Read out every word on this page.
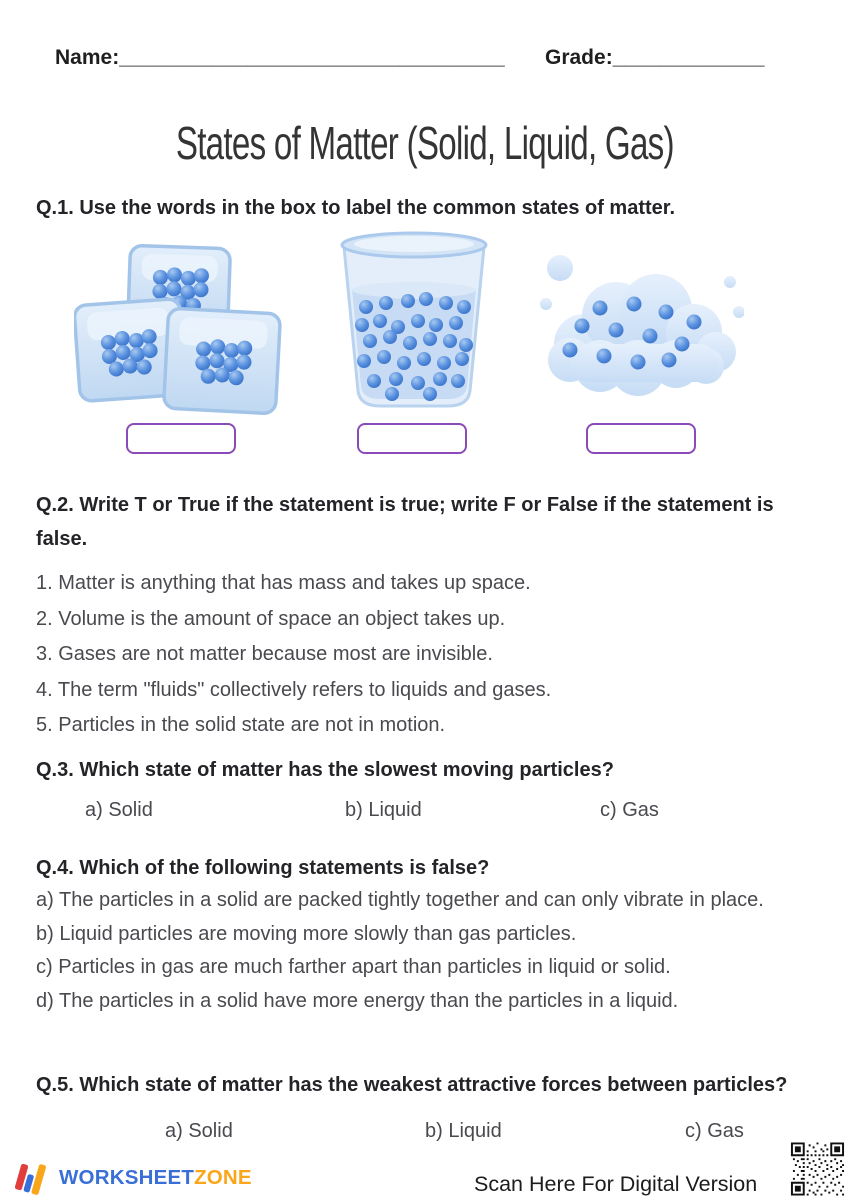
Name:_________________________________ Grade:_____________
States of Matter (Solid, Liquid, Gas)
Q.1. Use the words in the box to label the common states of matter.
Q.2. Write T or True if the statement is true; write F or False if the statement is false.
1. Matter is anything that has mass and takes up space.
2. Volume is the amount of space an object takes up.
3. Gases are not matter because most are invisible.
4. The term "fluids" collectively refers to liquids and gases.
5. Particles in the solid state are not in motion.
Q.3. Which state of matter has the slowest moving particles?
a) Solid	b) Liquid	c) Gas
Q.4. Which of the following statements is false?
a) The particles in a solid are packed tightly together and can only vibrate in place.
b) Liquid particles are moving more slowly than gas particles.
c) Particles in gas are much farther apart than particles in liquid or solid.
d) The particles in a solid have more energy than the particles in a liquid.
Q.5. Which state of matter has the weakest attractive forces between particles?
a) Solid	b) Liquid	c) Gas
WORKSHEETZONE	Scan Here For Digital Version
